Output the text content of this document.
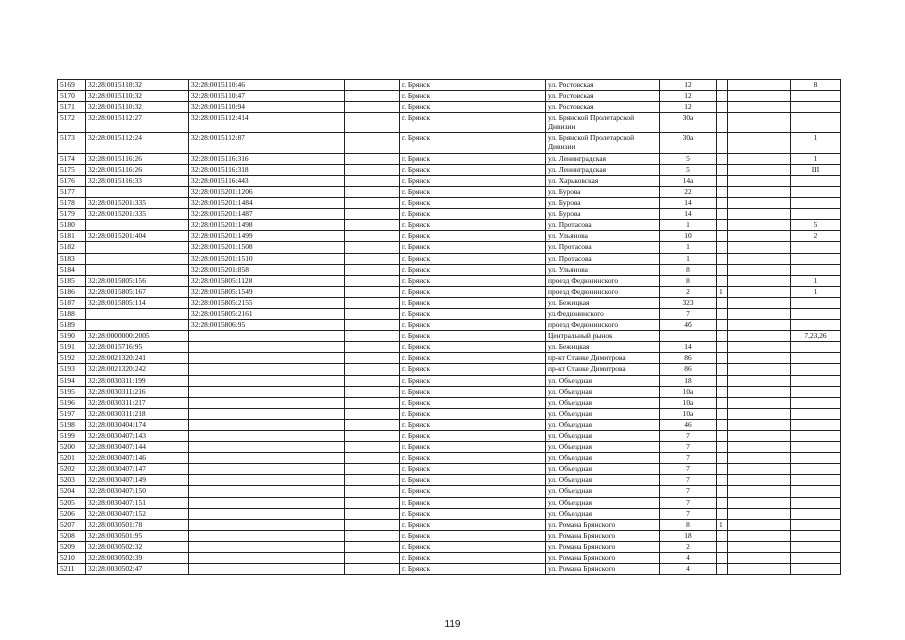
5169	32:28:0015110:32	32:28:0015110:46		г. Брянск	ул. Ростовская	12			8
5170	32:28:0015110:32	32:28:0015110:47		г. Брянск	ул. Ростовская	12			
5171	32:28:0015110:32	32:28:0015110:94		г. Брянск	ул. Ростовская	12			
5172	32:28:0015112:27	32:28:0015112:414		г. Брянск	ул. Брянской Пролетарской Дивизии	30а			
5173	32:28:0015112:24	32:28:0015112:87		г. Брянск	ул. Брянской Пролетарской Дивизии	30а			1
5174	32:28:0015116:26	32:28:0015116:316		г. Брянск	ул. Ленинградская	5			1
5175	32:28:0015116:26	32:28:0015116:318		г. Брянск	ул. Ленинградская	5			III
5176	32:28:0015116:33	32:28:0015116:443		г. Брянск	ул. Харьковская	14а			
5177		32:28:0015201:1206		г. Брянск	ул. Бурова	22			
5178	32:28:0015201:335	32:28:0015201:1484		г. Брянск	ул. Бурова	14			
5179	32:28:0015201:335	32:28:0015201:1487		г. Брянск	ул. Бурова	14			
5180		32:28:0015201:1498		г. Брянск	ул. Протасова	1			5
5181	32:28:0015201:404	32:28:0015201:1499		г. Брянск	ул. Ульянова	10			2
5182		32:28:0015201:1508		г. Брянск	ул. Протасова	1			
5183		32:28:0015201:1510		г. Брянск	ул. Протасова	1			
5184		32:28:0015201:858		г. Брянск	ул. Ульянова	8			
5185	32:28:0015805:156	32:28:0015805:1128		г. Брянск	проезд Федюнинского	8			1
5186	32:28:0015805:167	32:28:0015805:1549		г. Брянск	проезд Федюнинского	2	1		1
5187	32:28:0015805:114	32:28:0015805:2155		г. Брянск	ул. Бежицкая	323			
5188		32:28:0015805:2161		г. Брянск	ул.Федюнинского	7			
5189		32:28:0015806:95		г. Брянск	проезд Федюнинского	4б			
5190	32:28:0000000:2005			г. Брянск	Центральный рынок				7,23,26
5191	32:28:0015716:95			г. Брянск	ул. Бежицкая	14			
5192	32:28:0021320:241			г. Брянск	пр-кт Станке Димитрова	86			
5193	32:28:0021320:242			г. Брянск	пр-кт Станке Димитрова	86			
5194	32:28:0030311:199			г. Брянск	ул. Объездная	18			
5195	32:28:0030311:216			г. Брянск	ул. Объездная	10а			
5196	32:28:0030311:217			г. Брянск	ул. Объездная	10а			
5197	32:28:0030311:218			г. Брянск	ул. Объездная	10а			
5198	32:28:0030404:174			г. Брянск	ул. Объездная	46			
5199	32:28:0030407:143			г. Брянск	ул. Объездная	7			
5200	32:28:0030407:144			г. Брянск	ул. Объездная	7			
5201	32:28:0030407:146			г. Брянск	ул. Объездная	7			
5202	32:28:0030407:147			г. Брянск	ул. Объездная	7			
5203	32:28:0030407:149			г. Брянск	ул. Объездная	7			
5204	32:28:0030407:150			г. Брянск	ул. Объездная	7			
5205	32:28:0030407:151			г. Брянск	ул. Объездная	7			
5206	32:28:0030407:152			г. Брянск	ул. Объездная	7			
5207	32:28:0030501:78			г. Брянск	ул. Романа Брянского	8	1		
5208	32:28:0030501:95			г. Брянск	ул. Романа Брянского	18			
5209	32:28:0030502:32			г. Брянск	ул. Романа Брянского	2			
5210	32:28:0030502:39			г. Брянск	ул. Романа Брянского	4			
5211	32:28:0030502:47			г. Брянск	ул. Романа Брянского	4			
119
